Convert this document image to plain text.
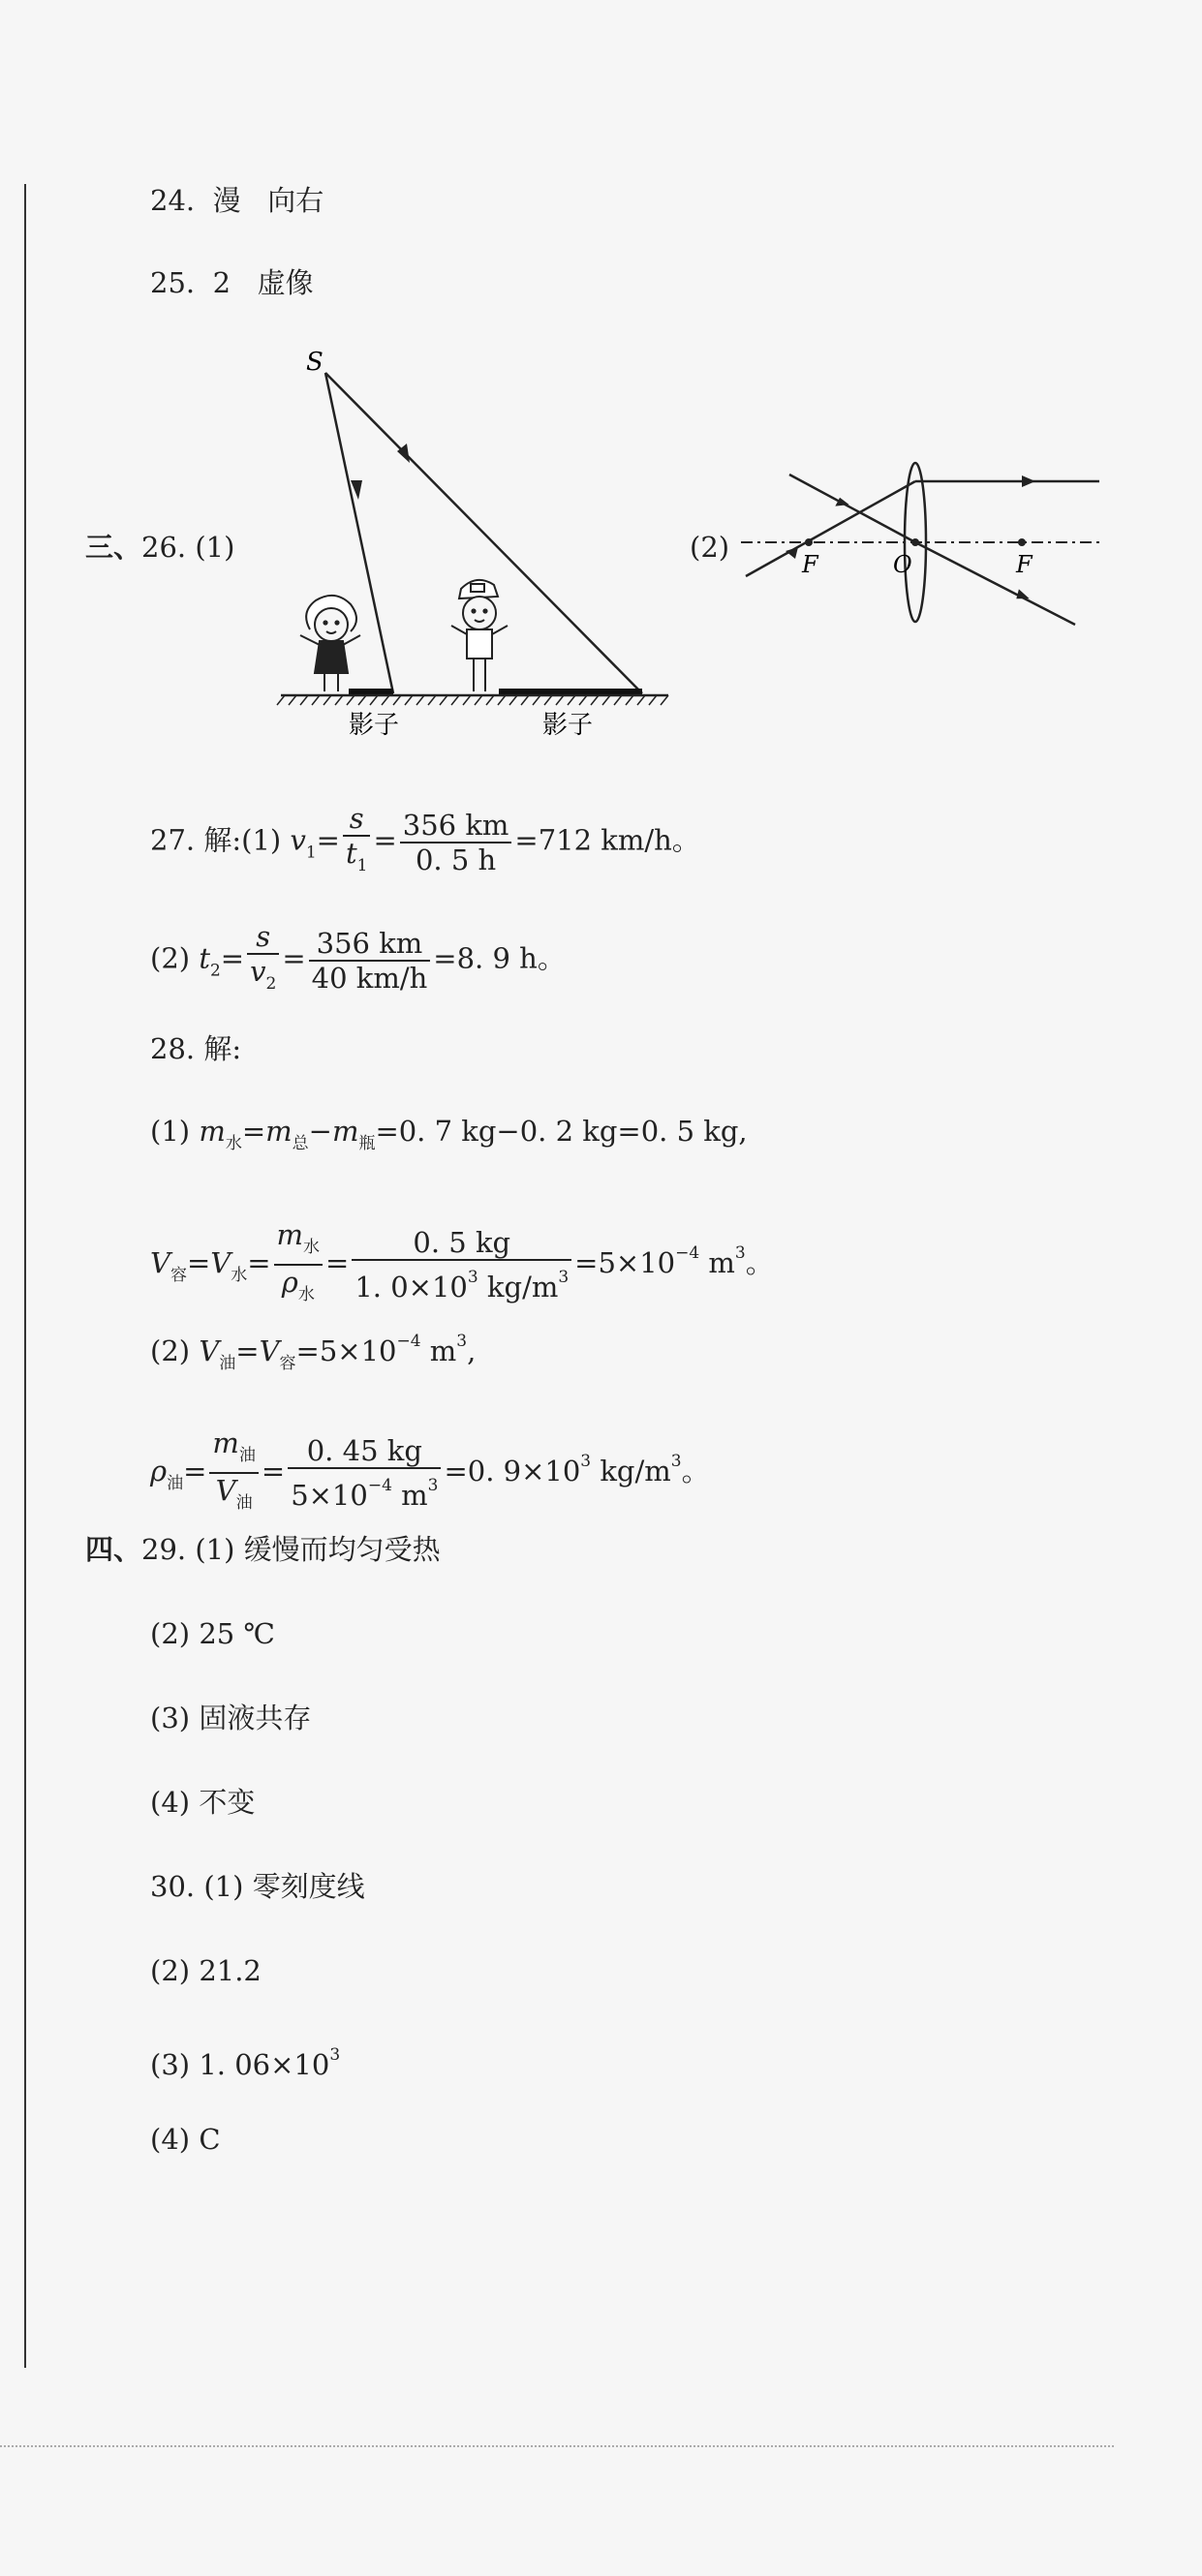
24. 漫 向右
25. 2 虚像
三、26. (1)	(2)
S
影子	影子
F	O	F
27. 解:(1) $v_1= \frac{s}{t_1} = \frac{356 km}{0. 5 h} =712$ km/h。
(2) $t_2= \frac{s}{v_2} = \frac{356 km}{40 km/h} =8$. 9 h。
28. 解:
(1) $m_水=m_总-m_瓶=0$. 7 kg−0. 2 kg=0. 5 kg,
$V_容=V_水= \frac{m_水}{\rho_水} = \frac{0. 5 kg}{1. 0\times 10^3 kg/m^3} =5\times 10^{-4}$ $m^3$。
(2) $V_油=V_容=5\times 10^{-4}$ $m^3$,
$\rho_油= \frac{m_油}{V_油} = \frac{0. 45 kg}{5\times 10^{-4} m^3} =0$. $9\times 10^3$ $kg/m^3$。
四、29. (1) 缓慢而均匀受热
(2) 25 ℃
(3) 固液共存
(4) 不变
30. (1) 零刻度线
(2) 21.2
(3) 1. $06\times 10^3$
(4) C
